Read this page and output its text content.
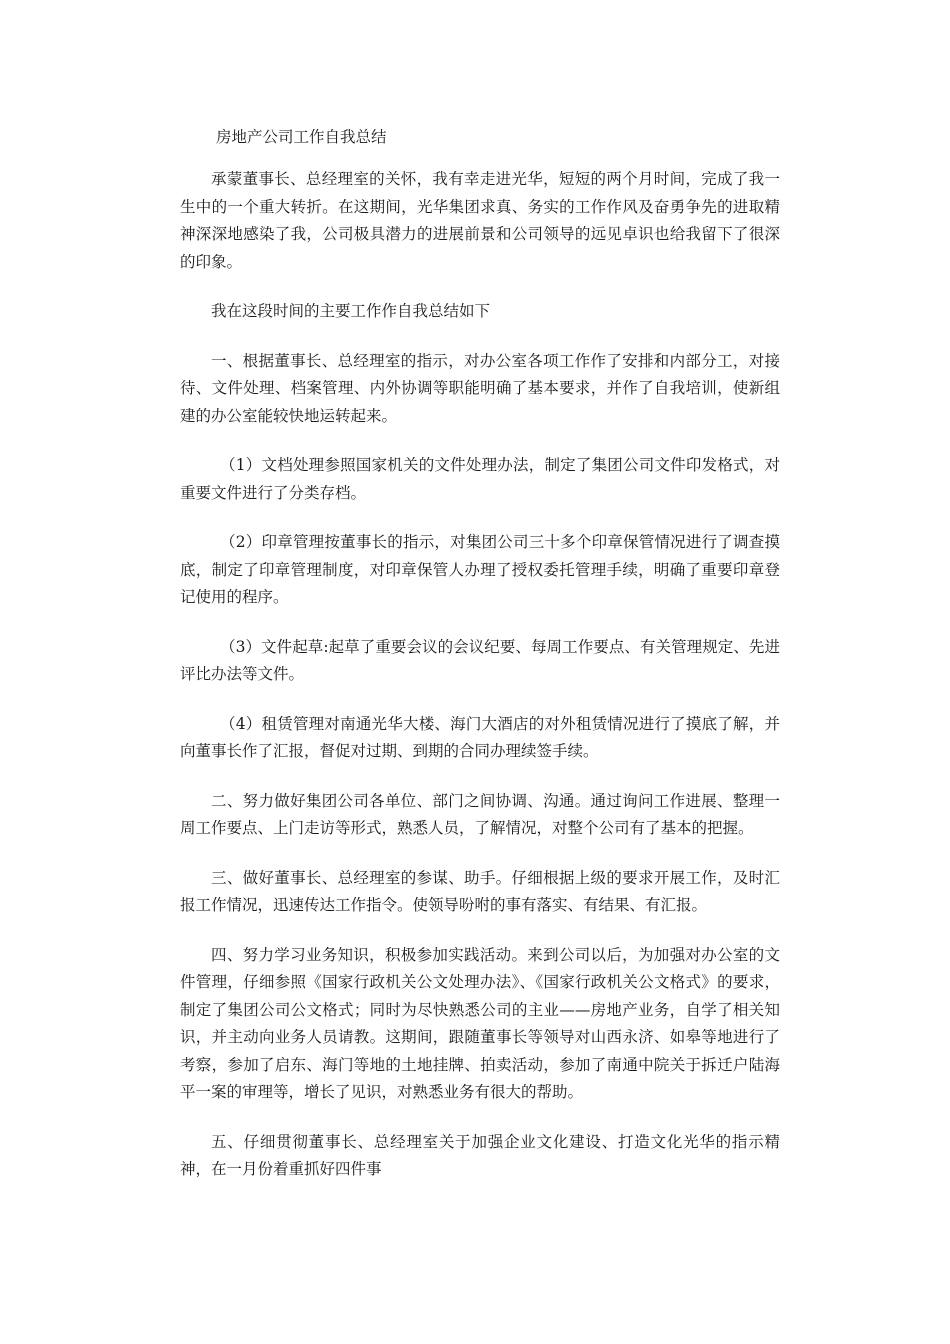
房地产公司工作自我总结

承蒙董事长、总经理室的关怀，我有幸走进光华，短短的两个月时间，完成了我一生中的一个重大转折。在这期间，光华集团求真、务实的工作作风及奋勇争先的进取精神深深地感染了我，公司极具潜力的进展前景和公司领导的远见卓识也给我留下了很深的印象。

我在这段时间的主要工作作自我总结如下

一、根据董事长、总经理室的指示，对办公室各项工作作了安排和内部分工，对接待、文件处理、档案管理、内外协调等职能明确了基本要求，并作了自我培训，使新组建的办公室能较快地运转起来。

（1）文档处理参照国家机关的文件处理办法，制定了集团公司文件印发格式，对重要文件进行了分类存档。

（2）印章管理按董事长的指示，对集团公司三十多个印章保管情况进行了调查摸底，制定了印章管理制度，对印章保管人办理了授权委托管理手续，明确了重要印章登记使用的程序。

（3）文件起草:起草了重要会议的会议纪要、每周工作要点、有关管理规定、先进评比办法等文件。

（4）租赁管理对南通光华大楼、海门大酒店的对外租赁情况进行了摸底了解，并向董事长作了汇报，督促对过期、到期的合同办理续签手续。

二、努力做好集团公司各单位、部门之间协调、沟通。通过询问工作进展、整理一周工作要点、上门走访等形式，熟悉人员，了解情况，对整个公司有了基本的把握。

三、做好董事长、总经理室的参谋、助手。仔细根据上级的要求开展工作，及时汇报工作情况，迅速传达工作指令。使领导吩咐的事有落实、有结果、有汇报。

四、努力学习业务知识，积极参加实践活动。来到公司以后，为加强对办公室的文件管理，仔细参照《国家行政机关公文处理办法》、《国家行政机关公文格式》的要求，制定了集团公司公文格式；同时为尽快熟悉公司的主业——房地产业务，自学了相关知识，并主动向业务人员请教。这期间，跟随董事长等领导对山西永济、如皋等地进行了考察，参加了启东、海门等地的土地挂牌、拍卖活动，参加了南通中院关于拆迁户陆海平一案的审理等，增长了见识，对熟悉业务有很大的帮助。

五、仔细贯彻董事长、总经理室关于加强企业文化建设、打造文化光华的指示精神，在一月份着重抓好四件事
